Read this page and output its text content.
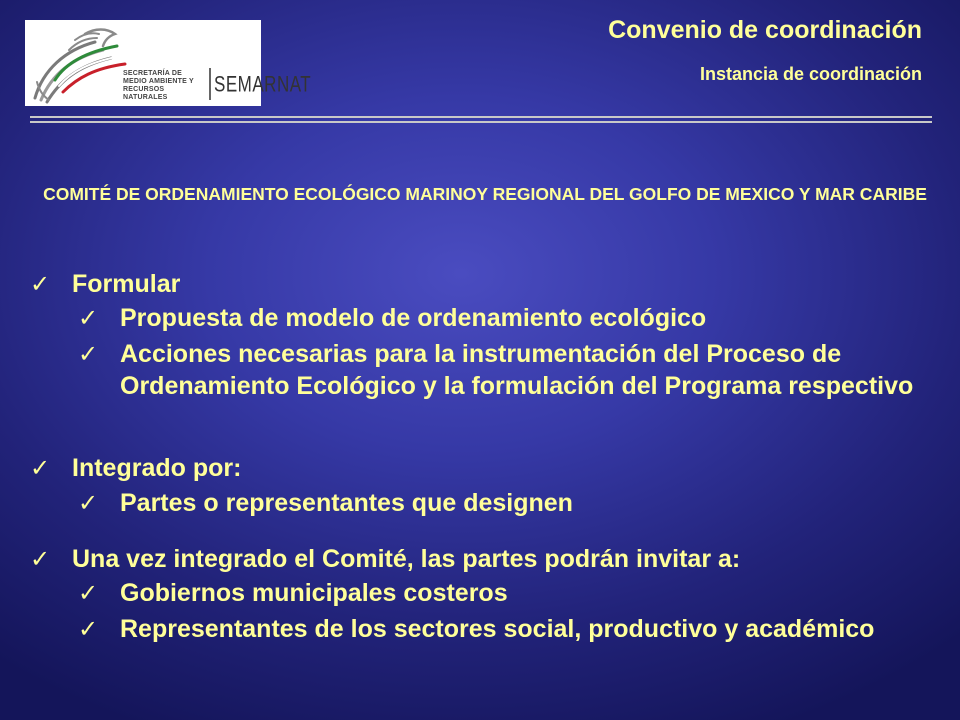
SECRETARÍA DE
MEDIO AMBIENTE Y
RECURSOS NATURALES
SEMARNAT
Convenio de coordinación
Instancia de coordinación
COMITÉ DE ORDENAMIENTO ECOLÓGICO MARINOY REGIONAL DEL GOLFO DE MEXICO Y MAR CARIBE
✓ Formular
✓ Propuesta de modelo de ordenamiento ecológico
✓ Acciones necesarias para la instrumentación del Proceso de Ordenamiento Ecológico y la formulación del Programa respectivo
✓ Integrado por:
✓ Partes o representantes que designen
✓ Una vez integrado el Comité, las partes podrán invitar a:
✓ Gobiernos municipales costeros
✓ Representantes de los sectores social, productivo y académico
